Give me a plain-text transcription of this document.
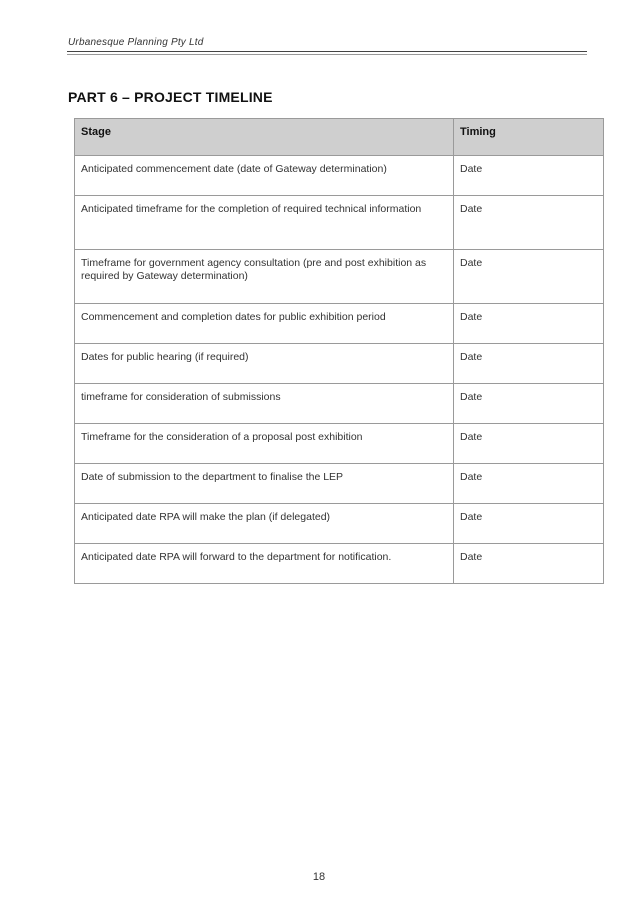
Urbanesque Planning Pty Ltd
PART 6 – PROJECT TIMELINE
Stage	Timing
Anticipated commencement date (date of Gateway determination)	Date
Anticipated timeframe for the completion of required technical information	Date
Timeframe for government agency consultation (pre and post exhibition as required by Gateway determination)	Date
Commencement and completion dates for public exhibition period	Date
Dates for public hearing (if required)	Date
timeframe for consideration of submissions	Date
Timeframe for the consideration of a proposal post exhibition	Date
Date of submission to the department to finalise the LEP	Date
Anticipated date RPA will make the plan (if delegated)	Date
Anticipated date RPA will forward to the department for notification.	Date
18
